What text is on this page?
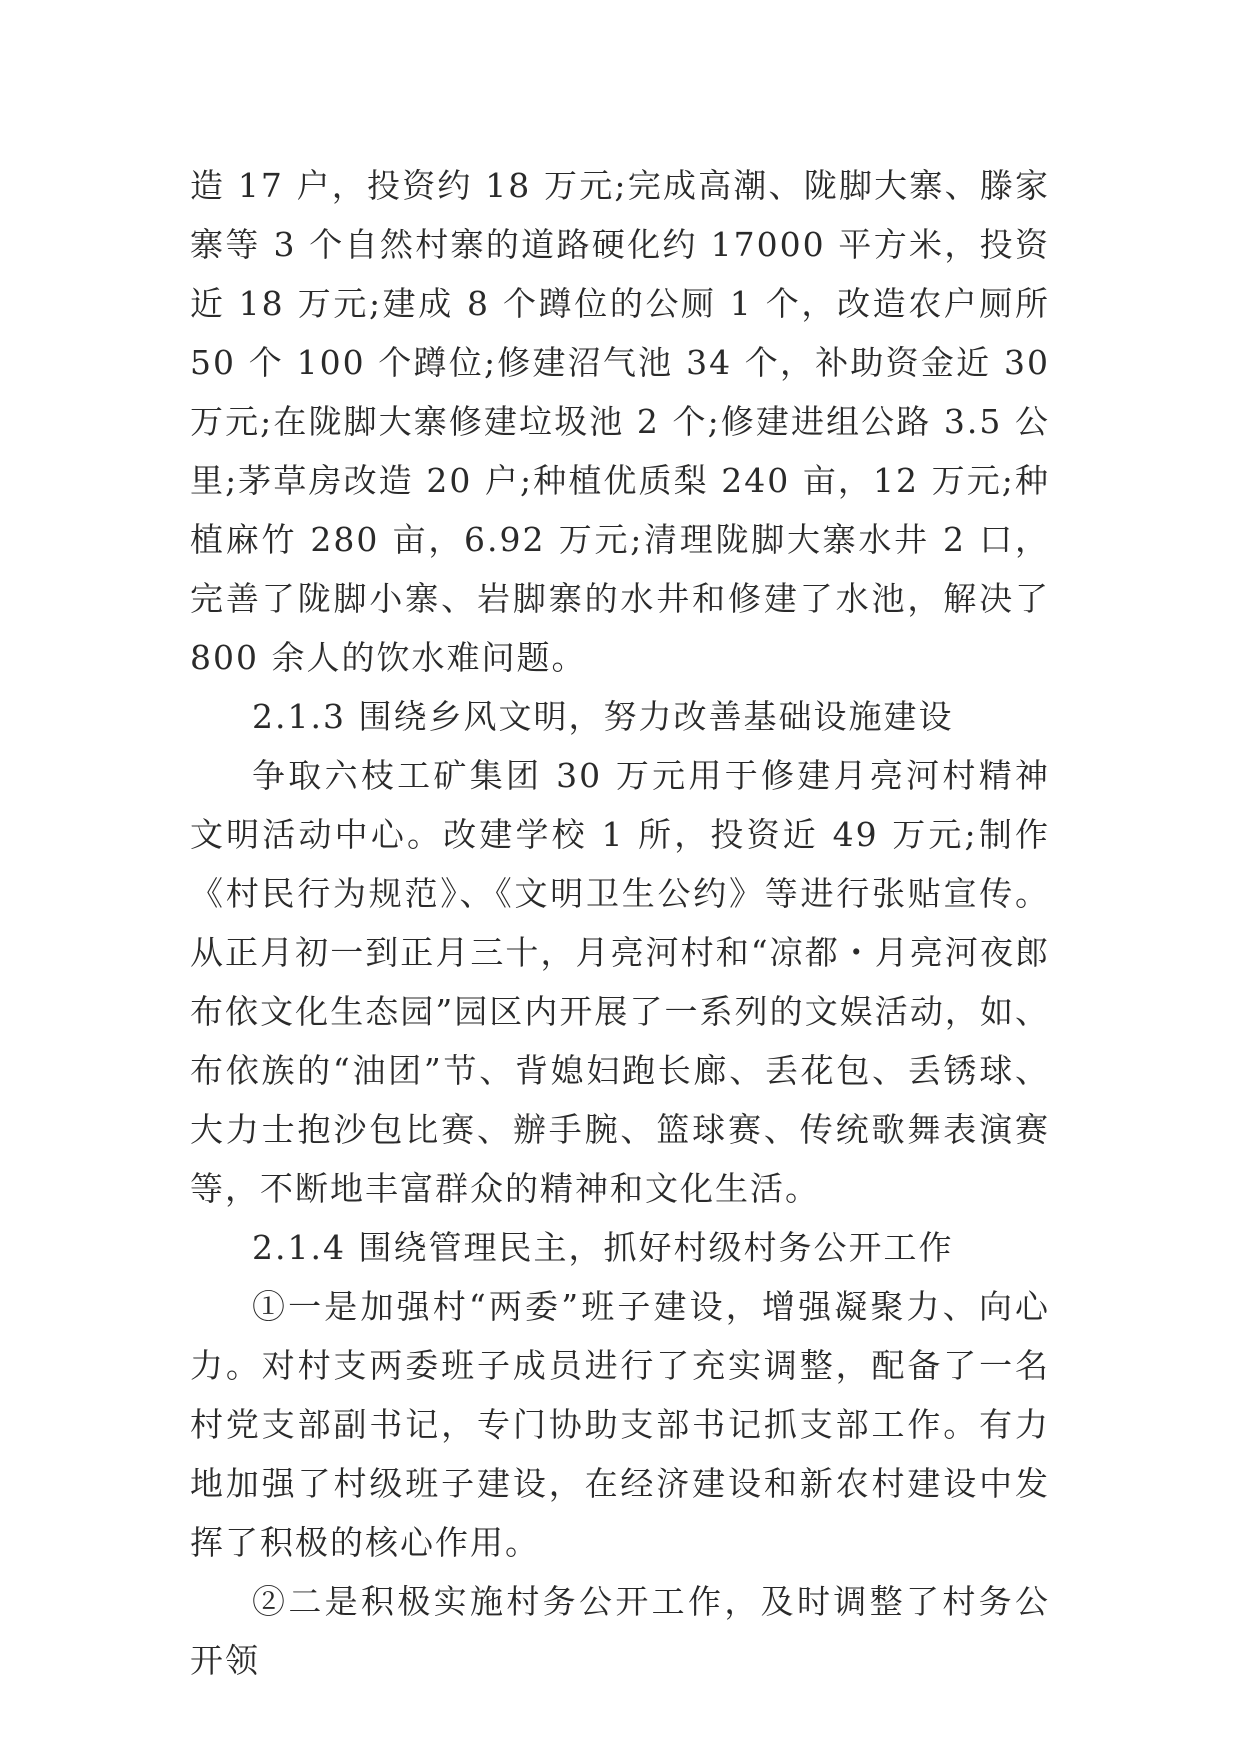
造 17 户，投资约 18 万元;完成高潮、陇脚大寨、滕家寨等 3 个自然村寨的道路硬化约 17000 平方米，投资近 18 万元;建成 8 个蹲位的公厕 1 个，改造农户厕所 50 个 100 个蹲位;修建沼气池 34 个，补助资金近 30 万元;在陇脚大寨修建垃圾池 2 个;修建进组公路 3.5 公里;茅草房改造 20 户;种植优质梨 240 亩，12 万元;种植麻竹 280 亩，6.92 万元;清理陇脚大寨水井 2 口，完善了陇脚小寨、岩脚寨的水井和修建了水池，解决了 800 余人的饮水难问题。

2.1.3 围绕乡风文明，努力改善基础设施建设

争取六枝工矿集团 30 万元用于修建月亮河村精神文明活动中心。改建学校 1 所，投资近 49 万元;制作《村民行为规范》、《文明卫生公约》等进行张贴宣传。从正月初一到正月三十，月亮河村和“凉都・月亮河夜郎布依文化生态园”园区内开展了一系列的文娱活动，如、布依族的“油团”节、背媳妇跑长廊、丢花包、丢锈球、大力士抱沙包比赛、辦手腕、篮球赛、传统歌舞表演赛等，不断地丰富群众的精神和文化生活。

2.1.4 围绕管理民主，抓好村级村务公开工作

①一是加强村“两委”班子建设，增强凝聚力、向心力。对村支两委班子成员进行了充实调整，配备了一名村党支部副书记，专门协助支部书记抓支部工作。有力地加强了村级班子建设，在经济建设和新农村建设中发挥了积极的核心作用。

②二是积极实施村务公开工作，及时调整了村务公开领
